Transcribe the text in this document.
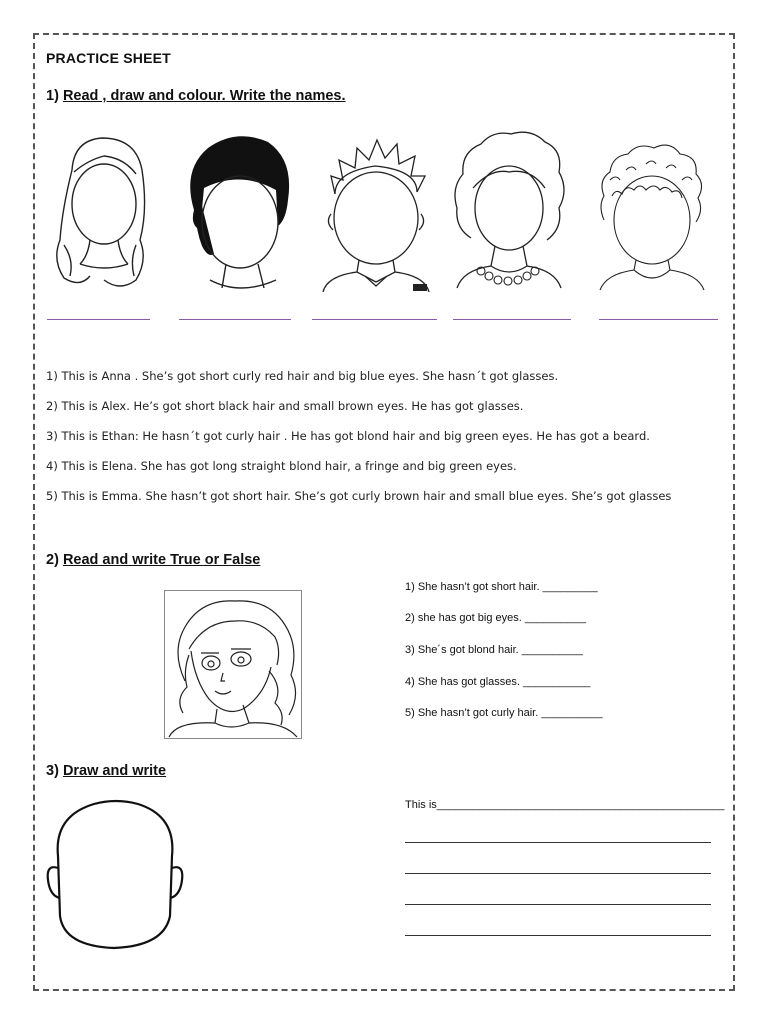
PRACTICE SHEET
1) Read , draw and colour. Write the names.
1) This is Anna . She’s got short curly red hair and big blue eyes. She hasn´t got glasses.
2) This is Alex. He’s got short black hair and small brown eyes. He has got glasses.
3) This is Ethan: He hasn´t got curly hair . He has got blond hair and big green eyes. He has got a beard.
4) This is Elena. She has got long straight blond hair, a fringe and big green eyes.
5) This is Emma. She hasn’t got short hair. She’s got curly brown hair and small blue eyes. She’s got glasses
2) Read and write True or False
1) She hasn’t got short hair. _________
2) she has got big eyes. __________
3) She´s got blond hair. __________
4) She has got glasses. ___________
5) She hasn’t got curly hair. __________
3) Draw and write
This is_______________________________________________
